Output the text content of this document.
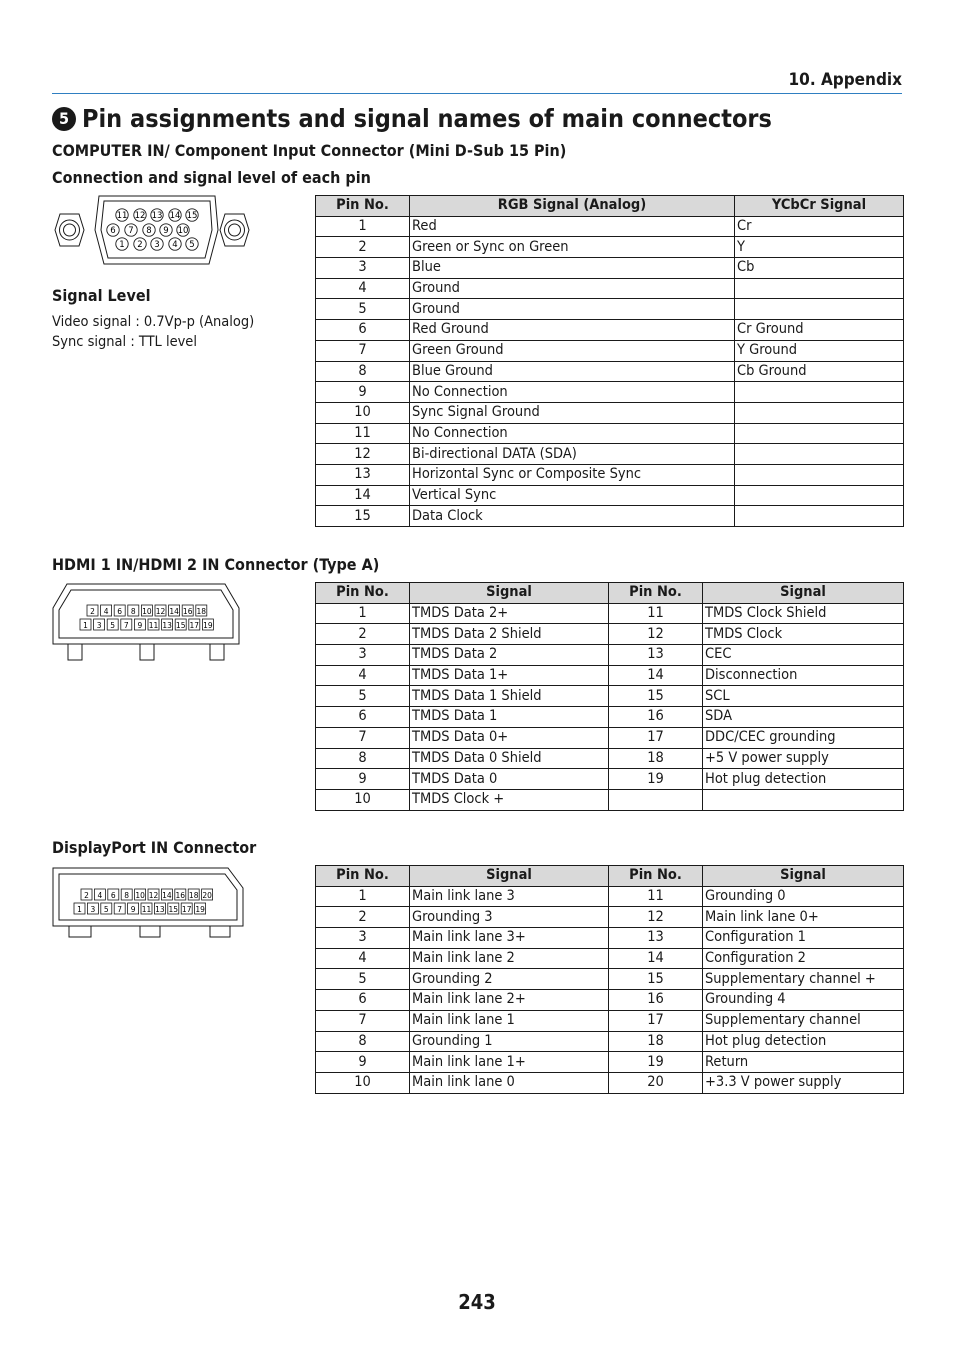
10. Appendix
5 Pin assignments and signal names of main connectors
COMPUTER IN/ Component Input Connector (Mini D-Sub 15 Pin)
Connection and signal level of each pin
11 12 13 14 15
6 7 8 9 10
1 2 3 4 5
Signal Level
Video signal : 0.7Vp-p (Analog)
Sync signal : TTL level
Pin No.	RGB Signal (Analog)	YCbCr Signal
1	Red	Cr
2	Green or Sync on Green	Y
3	Blue	Cb
4	Ground	
5	Ground	
6	Red Ground	Cr Ground
7	Green Ground	Y Ground
8	Blue Ground	Cb Ground
9	No Connection	
10	Sync Signal Ground	
11	No Connection	
12	Bi-directional DATA (SDA)	
13	Horizontal Sync or Composite Sync	
14	Vertical Sync	
15	Data Clock	
HDMI 1 IN/HDMI 2 IN Connector (Type A)
2 4 6 8 10 12 14 16 18
1 3 5 7 9 11 13 15 17 19
Pin No.	Signal	Pin No.	Signal
1	TMDS Data 2+	11	TMDS Clock Shield
2	TMDS Data 2 Shield	12	TMDS Clock
3	TMDS Data 2	13	CEC
4	TMDS Data 1+	14	Disconnection
5	TMDS Data 1 Shield	15	SCL
6	TMDS Data 1	16	SDA
7	TMDS Data 0+	17	DDC/CEC grounding
8	TMDS Data 0 Shield	18	+5 V power supply
9	TMDS Data 0	19	Hot plug detection
10	TMDS Clock +		
DisplayPort IN Connector
2 4 6 8 10 12 14 16 18 20
1 3 5 7 9 11 13 15 17 19
Pin No.	Signal	Pin No.	Signal
1	Main link lane 3	11	Grounding 0
2	Grounding 3	12	Main link lane 0+
3	Main link lane 3+	13	Configuration 1
4	Main link lane 2	14	Configuration 2
5	Grounding 2	15	Supplementary channel +
6	Main link lane 2+	16	Grounding 4
7	Main link lane 1	17	Supplementary channel
8	Grounding 1	18	Hot plug detection
9	Main link lane 1+	19	Return
10	Main link lane 0	20	+3.3 V power supply
243
